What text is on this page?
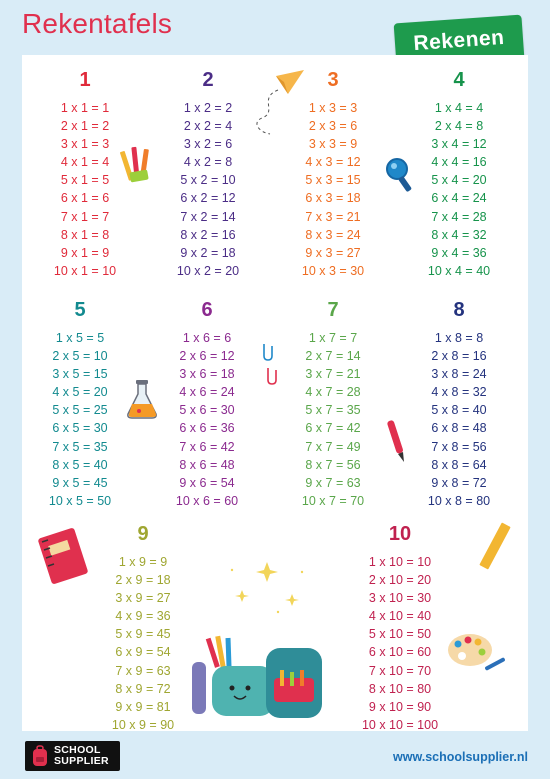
Rekentafels
Rekenen
1
1 x 1 = 1
2 x 1 = 2
3 x 1 = 3
4 x 1 = 4
5 x 1 = 5
6 x 1 = 6
7 x 1 = 7
8 x 1 = 8
9 x 1 = 9
10 x 1 = 10
2
1 x 2 = 2
2 x 2 = 4
3 x 2 = 6
4 x 2 = 8
5 x 2 = 10
6 x 2 = 12
7 x 2 = 14
8 x 2 = 16
9 x 2 = 18
10 x 2 = 20
3
1 x 3 = 3
2 x 3 = 6
3 x 3 = 9
4 x 3 = 12
5 x 3 = 15
6 x 3 = 18
7 x 3 = 21
8 x 3 = 24
9 x 3 = 27
10 x 3 = 30
4
1 x 4 = 4
2 x 4 = 8
3 x 4 = 12
4 x 4 = 16
5 x 4 = 20
6 x 4 = 24
7 x 4 = 28
8 x 4 = 32
9 x 4 = 36
10 x 4 = 40
5
1 x 5 = 5
2 x 5 = 10
3 x 5 = 15
4 x 5 = 20
5 x 5 = 25
6 x 5 = 30
7 x 5 = 35
8 x 5 = 40
9 x 5 = 45
10 x 5 = 50
6
1 x 6 = 6
2 x 6 = 12
3 x 6 = 18
4 x 6 = 24
5 x 6 = 30
6 x 6 = 36
7 x 6 = 42
8 x 6 = 48
9 x 6 = 54
10 x 6 = 60
7
1 x 7 = 7
2 x 7 = 14
3 x 7 = 21
4 x 7 = 28
5 x 7 = 35
6 x 7 = 42
7 x 7 = 49
8 x 7 = 56
9 x 7 = 63
10 x 7 = 70
8
1 x 8 = 8
2 x 8 = 16
3 x 8 = 24
4 x 8 = 32
5 x 8 = 40
6 x 8 = 48
7 x 8 = 56
8 x 8 = 64
9 x 8 = 72
10 x 8 = 80
9
1 x 9 = 9
2 x 9 = 18
3 x 9 = 27
4 x 9 = 36
5 x 9 = 45
6 x 9 = 54
7 x 9 = 63
8 x 9 = 72
9 x 9 = 81
10 x 9 = 90
10
1 x 10 = 10
2 x 10 = 20
3 x 10 = 30
4 x 10 = 40
5 x 10 = 50
6 x 10 = 60
7 x 10 = 70
8 x 10 = 80
9 x 10 = 90
10 x 10 = 100
SCHOOL
SUPPLIER	www.schoolsupplier.nl
